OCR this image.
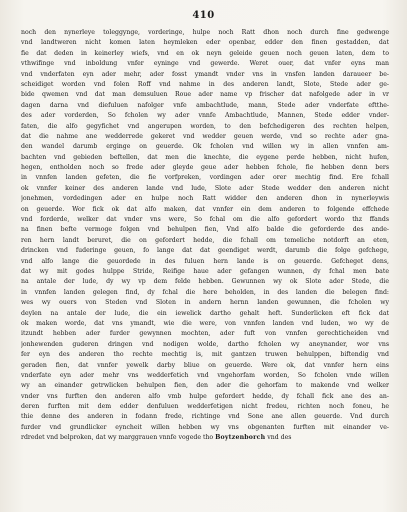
410
noch den nynerleye toleggynge, vorderinge, hulpe noch Ratt dhon noch durch fine gedwenge
vnd landtweren nicht komen laten heymleken eder openbar, edder den finen gestadden, dat
fie dat deden in keinerley wiefs, vnd en ok neyn geleide geuen noch geuen laten, dem to
vthwifinge vnd inboldung vnfer eyninge vnd gewerde. Weret ouer, dat vnfer eyns man
vnd vnderfaten eyn ader mehr, ader fosst ymandt vnder vns in vnsfen landen daraueer be-
scheidiget worden vnd folen Roff vnd nahme in des anderen landt, Slote, Stede ader ge-
bide qwemen vnd dat man demsuluen Roue ader name vp frischer dat nafolgede ader in vr
dagen darna vnd diefuluen nafolger vnfe ambachtlude, mann, Stede ader vnderfate eftthe-
des ader vorderden, So fcholen wy ader vnnfe Ambachtlude, Mannen, Stede edder vnder-
faten, die alfo gegyfichet vnd angerupen worden, to den befchedigeren des rechten helpen,
dat die nahme ane wedderrede gekeret vnd wedder geuen werde, vnd so rechte ader gna-
den wandel darumb erginge on geuerde. Ok fcholen vnd willen wy in allen vnnfen am-
bachten vnd gebieden beftellen, dat men die knechte, die eygene perde hebben, nicht hufen,
hegen, entholden noch so frede ader gleyde geue ader hebben fchole, fie hebben denn bers
in vnnfen landen gefeten, die fie vorfpreken, vordingen ader orer mechtig find. Ere fchall
ok vnnfer keiner des anderen lande vnd lude, Slote ader Stede wedder den anderen nicht
jonehmen, vordedingen ader en hulpe noch Ratt widder den anderen dhon in nynerleywis
on geuerde. Wor fick ok dat alfo maken, dat vnnfer ein dem anderen to folgende effchede
vnd forderde, welker dat vnder vns were, So fchal om die alfo gefordert wordo thz ffands
na finen befte vermoge folgen vnd behulpen fien, Vnd alfo balde die geforderde des ande-
ren hern landt beruret, die on gefordert hedde, die fchall om temeliche notdorft an eten,
drincken vnd fuderinge geuen, fo lange dat dat geendiget werdt, darumb die folge gefchege,
vnd alfo lange die geuordede in des fuluen hern lande is on geuerde. Gefcheget dens,
dat wy mit godes hulppe Stride, Reifige haue ader gefangen wunnen, dy fchal men bate
na antale der lude, dy wy vp dem felde hebben. Gewunnen wy ok Slote ader Stede, die
in vnnfen landen gelegen find, dy fchal die here beholden, in des landen die belegen find:
wes wy ouers von Steden vnd Sloten in andern hernn landen gewunnen, die fcholen wy
deylen na antale der lude, die ein iewelick dartho gehalt heft. Sunderlicken eft fick dat
ok maken worde, dat vns ymandt, wie die were, von vnnfen landen vnd luden, wo wy de
itzundt hebben ader furder gewynnen mochten, ader fuft von vnnfen gerechticheiden vnd
jonhewenden guderen dringen vnd nodigen wolde, dartho fcholen wy aneynander, wor vns
fer eyn des anderen tho rechte mechtig is, mit gantzen truwen behulppen, biftendig vnd
geraden fien, dat vnnfer yewelk darby bliue on geuerde. Were ok, dat vnnfer hern eins
vnderfate eyn ader mehr vns wedderfetich vnd vngehorfam worden, So fcholen vnde willen
wy an einander getrwlicken behulpen fien, den ader die gehorfam to makende vnd welker
vnder vns furften den anderen alfo vmb hulpe gefordert hedde, dy fchall fick ane des an-
deren furften mit dem edder denfuluen wedderfetigen nicht fredeu, richten noch foneu, he
thie denne des anderen in fodann frede, richtinge vnd Sone ane allen geuerde. Vnd durch
furder vnd grundlicker eyncheit willen hebben wy vns obgenanten furften mit einander ve-
rdredet vnd belproken, dat wy marggrauen vnnfe vogede tho Boytzenborch vnd des
